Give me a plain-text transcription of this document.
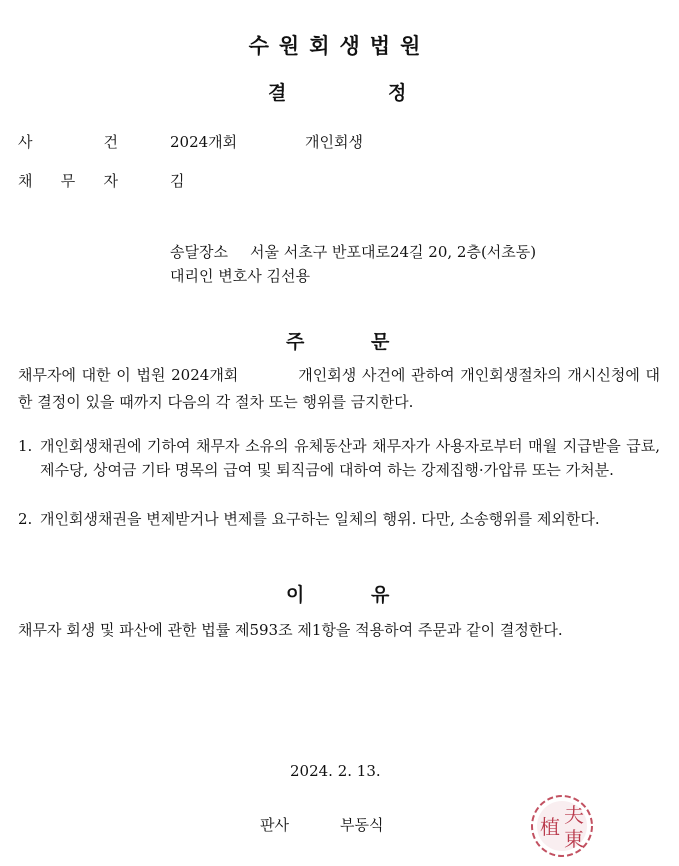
수원회생법원
결	정
사	건	2024개회	개인회생
채 무 자	김
송달장소 서울 서초구 반포대로24길 20, 2층(서초동)
대리인 변호사 김선용
주	문
채무자에 대한 이 법원 2024개회	개인회생 사건에 관하여 개인회생절차의 개시신청에 대한 결정이 있을 때까지 다음의 각 절차 또는 행위를 금지한다.
1. 개인회생채권에 기하여 채무자 소유의 유체동산과 채무자가 사용자로부터 매월 지급받을 급료, 제수당, 상여금 기타 명목의 급여 및 퇴직금에 대하여 하는 강제집행·가압류 또는 가처분.
2. 개인회생채권을 변제받거나 변제를 요구하는 일체의 행위. 다만, 소송행위를 제외한다.
이	유
채무자 회생 및 파산에 관한 법률 제593조 제1항을 적용하여 주문과 같이 결정한다.
2024. 2. 13.
판사	부동식	夫
東
植
